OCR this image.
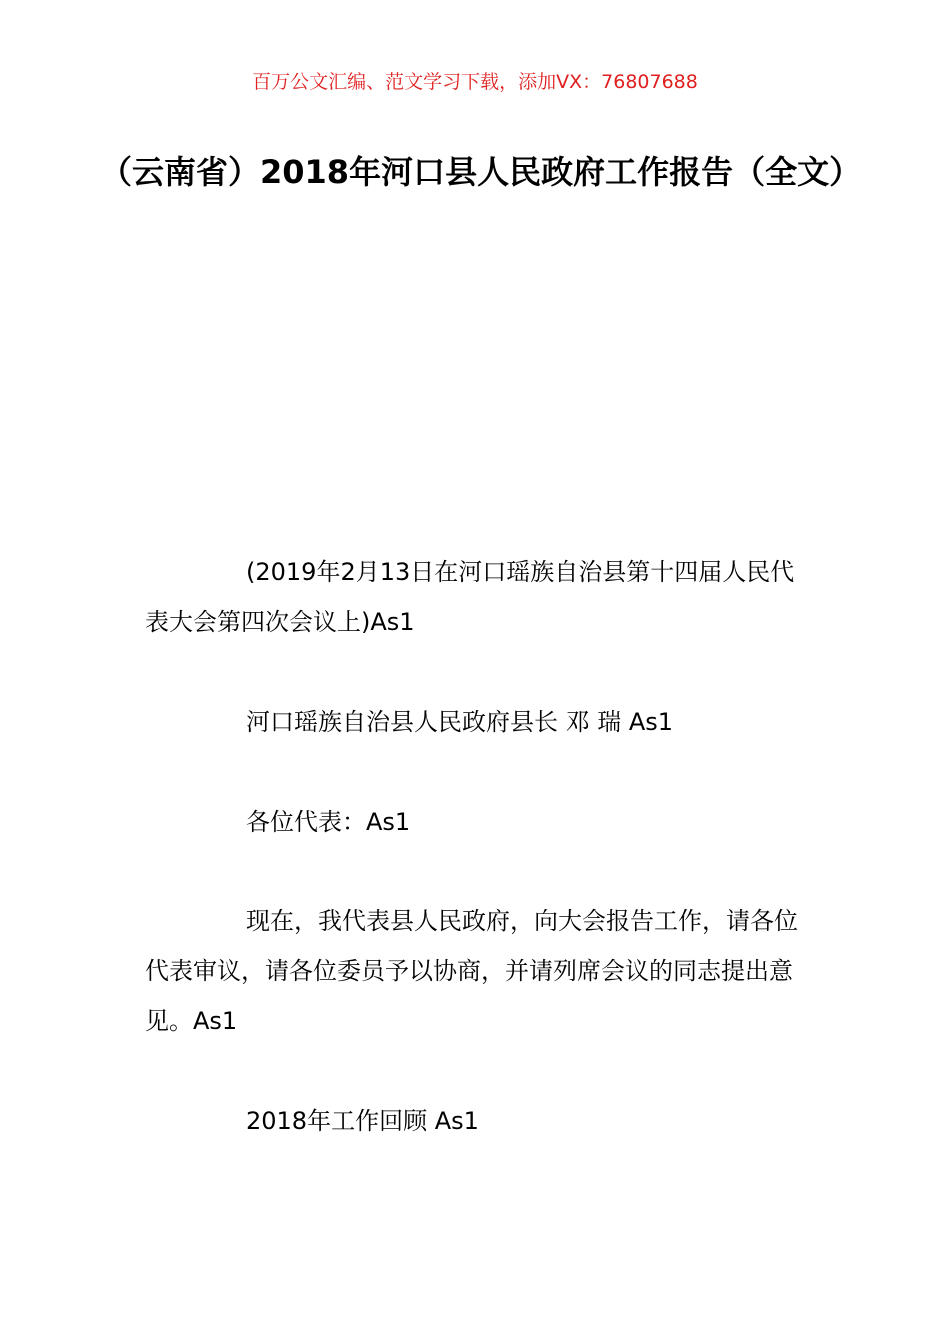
百万公文汇编、范文学习下载，添加VX：76807688
（云南省）2018年河口县人民政府工作报告（全文）

(2019年2月13日在河口瑶族自治县第十四届人民代表大会第四次会议上)As1

河口瑶族自治县人民政府县长 邓 瑞 As1

各位代表：As1

现在，我代表县人民政府，向大会报告工作，请各位代表审议，请各位委员予以协商，并请列席会议的同志提出意见。As1

2018年工作回顾 As1
